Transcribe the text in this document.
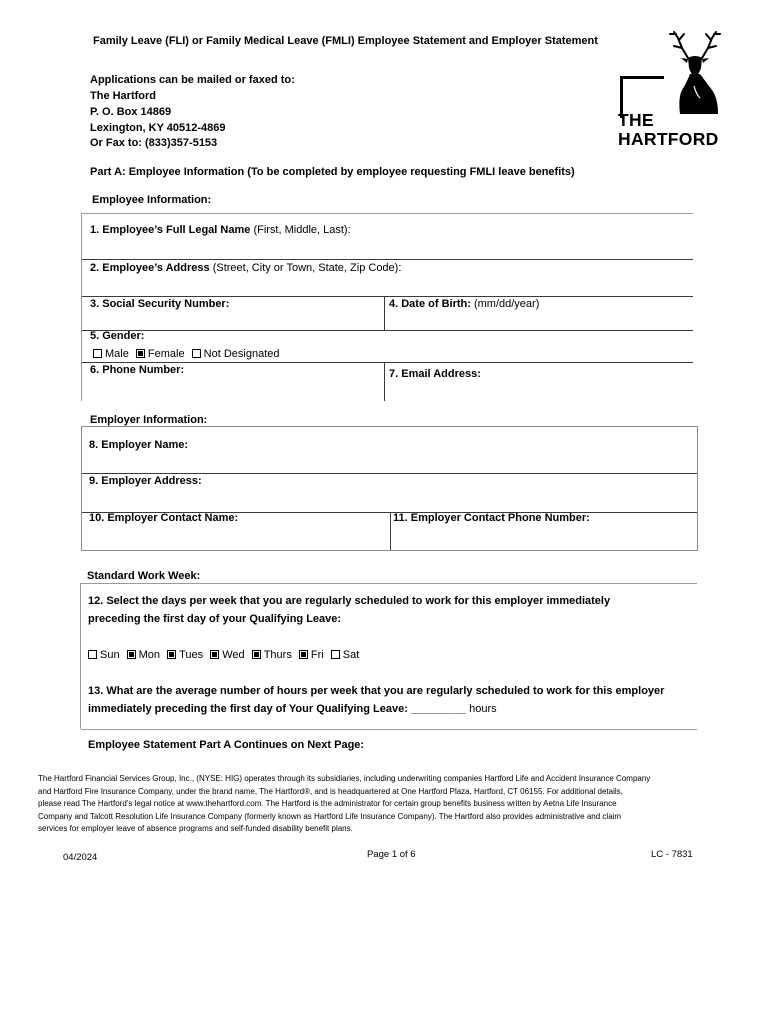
Family Leave (FLI) or Family Medical Leave (FMLI) Employee Statement and Employer Statement
Applications can be mailed or faxed to:
The Hartford
P. O. Box 14869
Lexington, KY 40512-4869
Or Fax to: (833)357-5153
THE
HARTFORD
Part A: Employee Information (To be completed by employee requesting FMLI leave benefits)
Employee Information:
1. Employee’s Full Legal Name (First, Middle, Last):
2. Employee’s Address (Street, City or Town, State, Zip Code):
3. Social Security Number:	4. Date of Birth: (mm/dd/year)
5. Gender:
Male Female Not Designated
6. Phone Number:	7. Email Address:
Employer Information:
8. Employer Name:
9. Employer Address:
10. Employer Contact Name:	11. Employer Contact Phone Number:
Standard Work Week:
12. Select the days per week that you are regularly scheduled to work for this employer immediately
preceding the first day of your Qualifying Leave:
Sun Mon Tues Wed Thurs Fri Sat
13. What are the average number of hours per week that you are regularly scheduled to work for this employer
immediately preceding the first day of Your Qualifying Leave: _________ hours
Employee Statement Part A Continues on Next Page:
The Hartford Financial Services Group, Inc., (NYSE: HIG) operates through its subsidiaries, including underwriting companies Hartford Life and Accident Insurance Company
and Hartford Fire Insurance Company, under the brand name, The Hartford®, and is headquartered at One Hartford Plaza, Hartford, CT 06155. For additional details,
please read The Hartford’s legal notice at www.thehartford.com. The Hartford is the administrator for certain group benefits business written by Aetna Life Insurance
Company and Talcott Resolution Life Insurance Company (formerly known as Hartford Life Insurance Company). The Hartford also provides administrative and claim
services for employer leave of absence programs and self-funded disability benefit plans.
04/2024	Page 1 of 6	LC - 7831
